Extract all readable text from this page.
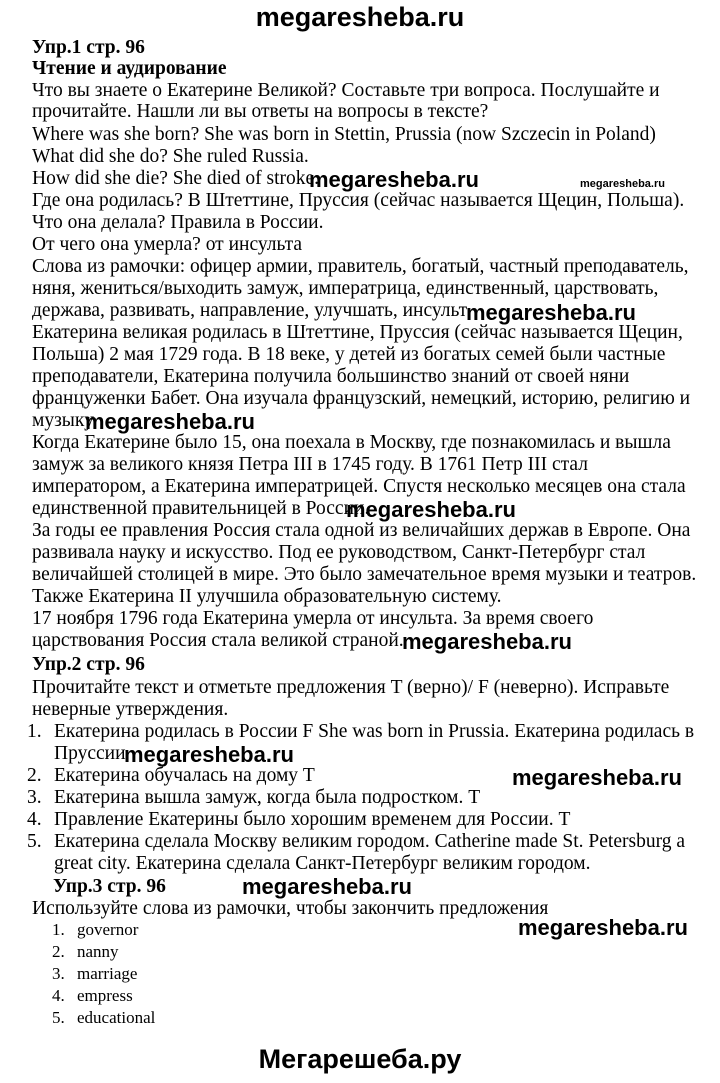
megaresheba.ru
Упр.1 стр. 96
Чтение и аудирование
Что вы знаете о Екатерине Великой? Составьте три вопроса. Послушайте и
прочитайте. Нашли ли вы ответы на вопросы в тексте?
Where was she born? She was born in Stettin, Prussia (now Szczecin in Poland)
What did she do? She ruled Russia.
How did she die? She died of stroke.
megaresheba.ru	megaresheba.ru
Где она родилась? В Штеттине, Пруссия (сейчас называется Щецин, Польша).
Что она делала? Правила в России.
От чего она умерла? от инсульта
Слова из рамочки: офицер армии, правитель, богатый, частный преподаватель,
няня, жениться/выходить замуж, императрица, единственный, царствовать,
держава, развивать, направление, улучшать, инсульт
megaresheba.ru
Екатерина великая родилась в Штеттине, Пруссия (сейчас называется Щецин,
Польша) 2 мая 1729 года. В 18 веке, у детей из богатых семей были частные
преподаватели, Екатерина получила большинство знаний от своей няни
француженки Бабет. Она изучала французский, немецкий, историю, религию и
музыку
megaresheba.ru
Когда Екатерине было 15, она поехала в Москву, где познакомилась и вышла
замуж за великого князя Петра III в 1745 году. В 1761 Петр III стал
императором, а Екатерина императрицей. Спустя несколько месяцев она стала
единственной правительницей в России.
megaresheba.ru
За годы ее правления Россия стала одной из величайших держав в Европе. Она
развивала науку и искусство. Под ее руководством, Санкт-Петербург стал
величайшей столицей в мире. Это было замечательное время музыки и театров.
Также Екатерина II улучшила образовательную систему.
17 ноября 1796 года Екатерина умерла от инсульта. За время своего
царствования Россия стала великой страной.
megaresheba.ru
Упр.2 стр. 96
Прочитайте текст и отметьте предложения T (верно)/ F (неверно). Исправьте
неверные утверждения.
1. Екатерина родилась в России F She was born in Prussia. Екатерина родилась в
Пруссии
megaresheba.ru
2. Екатерина обучалась на дому T	megaresheba.ru
3. Екатерина вышла замуж, когда была подростком. T
4. Правление Екатерины было хорошим временем для России. T
5. Екатерина сделала Москву великим городом. Catherine made St. Petersburg a
great city. Екатерина сделала Санкт-Петербург великим городом.
Упр.3 стр. 96	megaresheba.ru
Используйте слова из рамочки, чтобы закончить предложения
megaresheba.ru
1. governor
2. nanny
3. marriage
4. empress
5. educational
Мегарешеба.ру
